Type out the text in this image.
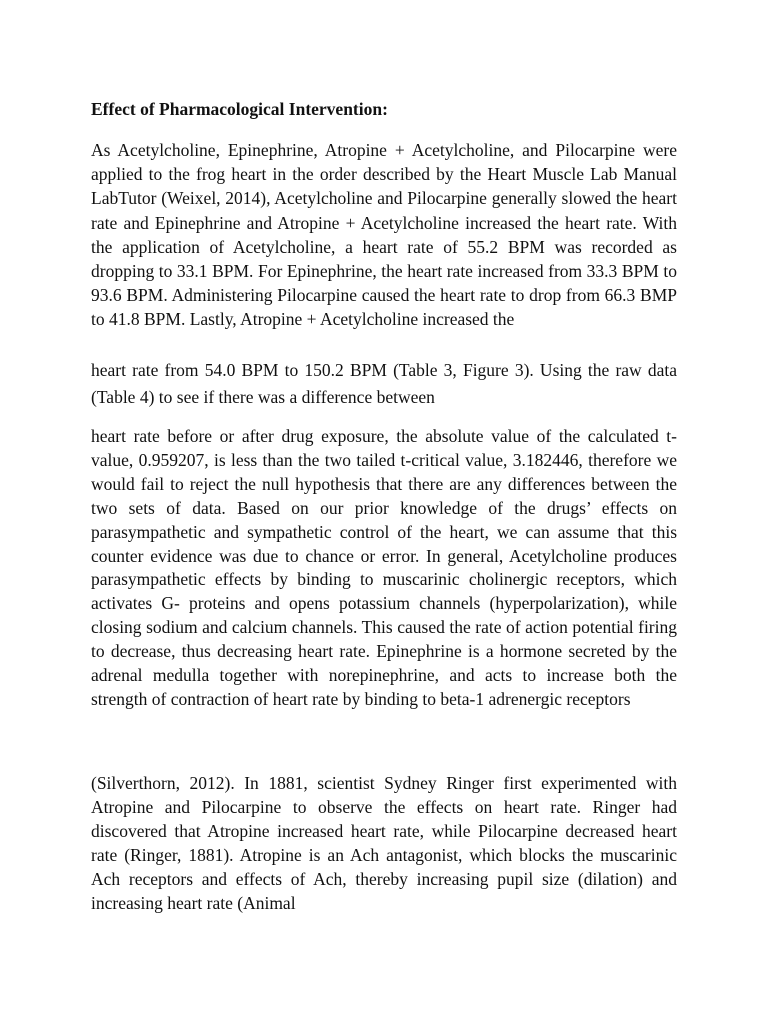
Effect of Pharmacological Intervention:

As Acetylcholine, Epinephrine, Atropine + Acetylcholine, and Pilocarpine were applied to the frog heart in the order described by the Heart Muscle Lab Manual LabTutor (Weixel, 2014), Acetylcholine and Pilocarpine generally slowed the heart rate and Epinephrine and Atropine + Acetylcholine increased the heart rate. With the application of Acetylcholine, a heart rate of 55.2 BPM was recorded as dropping to 33.1 BPM. For Epinephrine, the heart rate increased from 33.3 BPM to 93.6 BPM. Administering Pilocarpine caused the heart rate to drop from 66.3 BMP to 41.8 BPM. Lastly, Atropine + Acetylcholine increased the

heart rate from 54.0 BPM to 150.2 BPM (Table 3, Figure 3). Using the raw data (Table 4) to see if there was a difference between

heart rate before or after drug exposure, the absolute value of the calculated t-value, 0.959207, is less than the two tailed t-critical value, 3.182446, therefore we would fail to reject the null hypothesis that there are any differences between the two sets of data. Based on our prior knowledge of the drugs’ effects on parasympathetic and sympathetic control of the heart, we can assume that this counter evidence was due to chance or error. In general, Acetylcholine produces parasympathetic effects by binding to muscarinic cholinergic receptors, which activates G- proteins and opens potassium channels (hyperpolarization), while closing sodium and calcium channels. This caused the rate of action potential firing to decrease, thus decreasing heart rate. Epinephrine is a hormone secreted by the adrenal medulla together with norepinephrine, and acts to increase both the strength of contraction of heart rate by binding to beta-1 adrenergic receptors

(Silverthorn, 2012). In 1881, scientist Sydney Ringer first experimented with Atropine and Pilocarpine to observe the effects on heart rate. Ringer had discovered that Atropine increased heart rate, while Pilocarpine decreased heart rate (Ringer, 1881). Atropine is an Ach antagonist, which blocks the muscarinic Ach receptors and effects of Ach, thereby increasing pupil size (dilation) and increasing heart rate (Animal
